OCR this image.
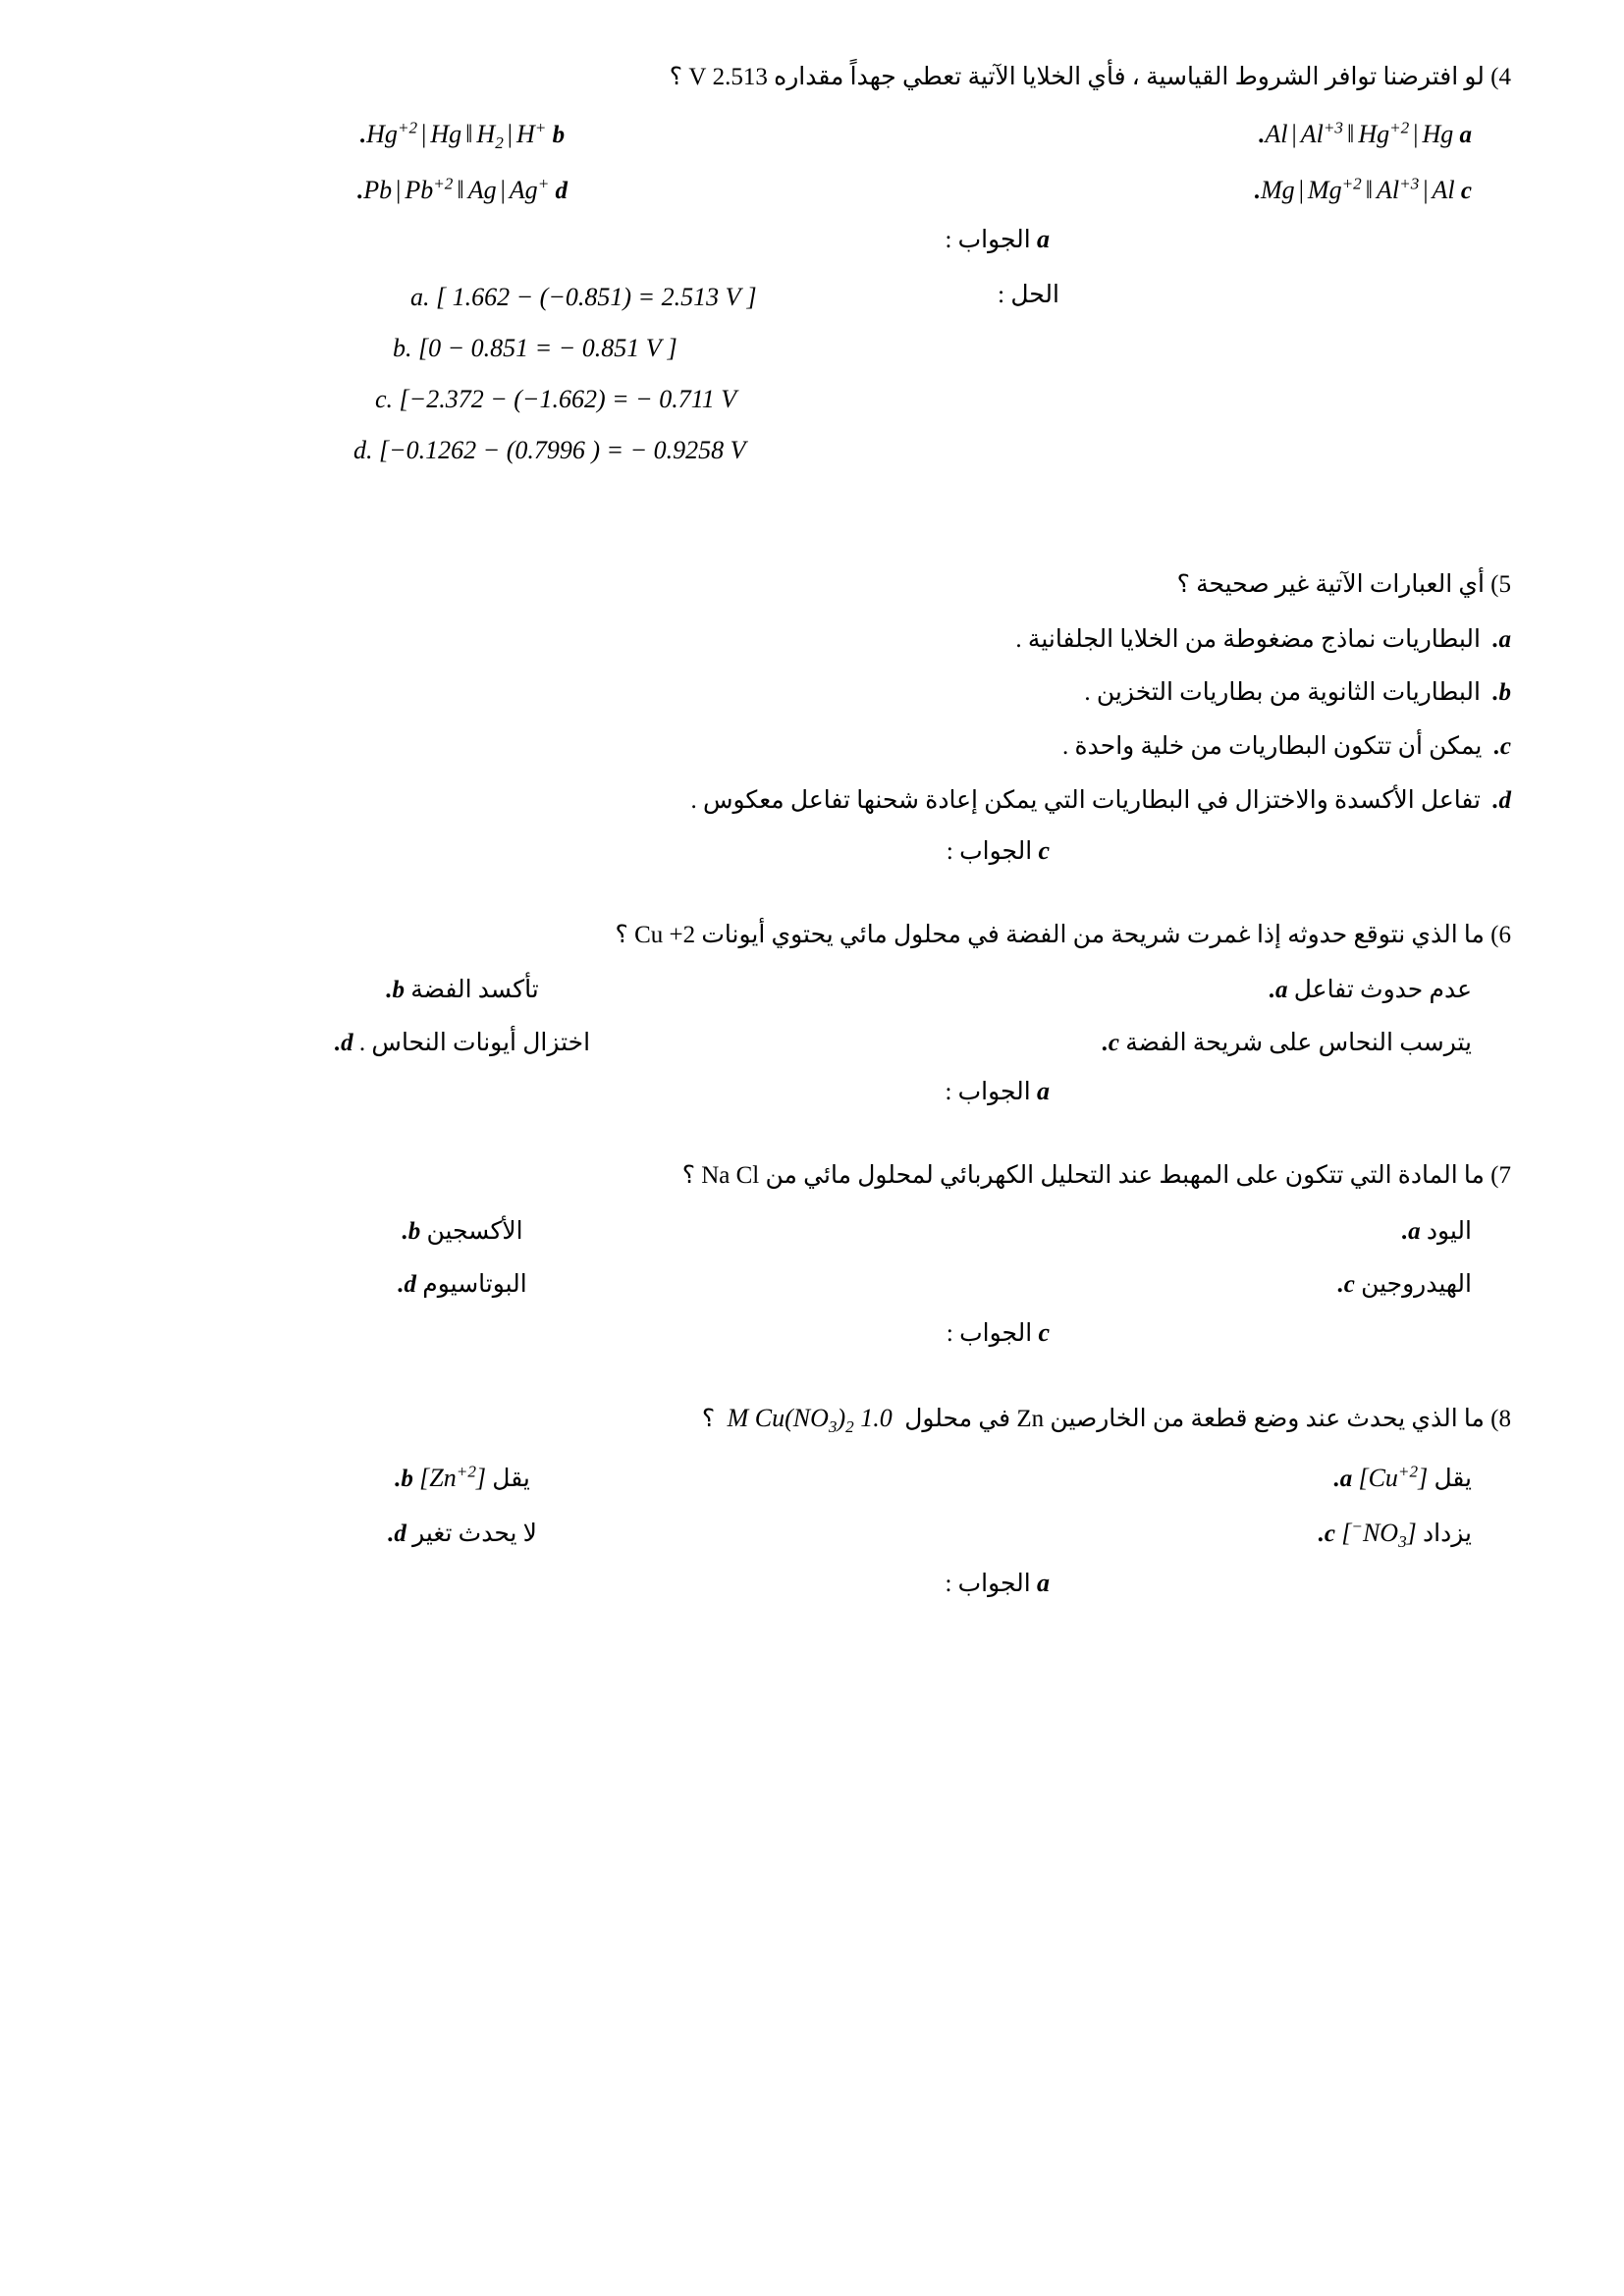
4) لو افترضنا توافر الشروط القياسية ، فأي الخلايا الآتية تعطي جهداً مقداره 2.513 V ؟

Al | $Al^{+3}$ ‖ $Hg^{+2}$ | Hg a.
$Hg^{+2}$ | Hg ‖ $H_2$ | H+ b.
Mg | $Mg^{+2}$ ‖ $Al^{+3}$ | Al c.
Pb | $Pb^{+2}$ ‖ Ag | Ag+ d.

a الجواب :

الحل :
a. [ 1.662 − (−0.851) = 2.513 V ]
b. [0 − 0.851 = − 0.851 V ]
c. [−2.372 − (−1.662) = − 0.711 V
d. [−0.1262 − (0.7996 ) = − 0.9258 V

5) أي العبارات الآتية غير صحيحة ؟

a. البطاريات نماذج مضغوطة من الخلايا الجلفانية .
b. البطاريات الثانوية من بطاريات التخزين .
c. يمكن أن تتكون البطاريات من خلية واحدة .
d. تفاعل الأكسدة والاختزال في البطاريات التي يمكن إعادة شحنها تفاعل معكوس .

c الجواب :

6) ما الذي نتوقع حدوثه إذا غمرت شريحة من الفضة في محلول مائي يحتوي أيونات Cu +2 ؟

عدم حدوث تفاعل a.
تأكسد الفضة b.
يترسب النحاس على شريحة الفضة c.
اختزال أيونات النحاس . d.

a الجواب :

7) ما المادة التي تتكون على المهبط عند التحليل الكهربائي لمحلول مائي من Na Cl ؟

اليود a.
الأكسجين b.
الهيدروجين c.
البوتاسيوم d.

c الجواب :

8) ما الذي يحدث عند وضع قطعة من الخارصين Zn في محلول  1.0 M $Cu(NO_3)_2$  ؟

يقل $[Cu^{+2}]$ a.
يقل $[Zn^{+2}]$ b.
يزداد $[NO_3^-]$ c.
لا يحدث تغير d.

a الجواب :
